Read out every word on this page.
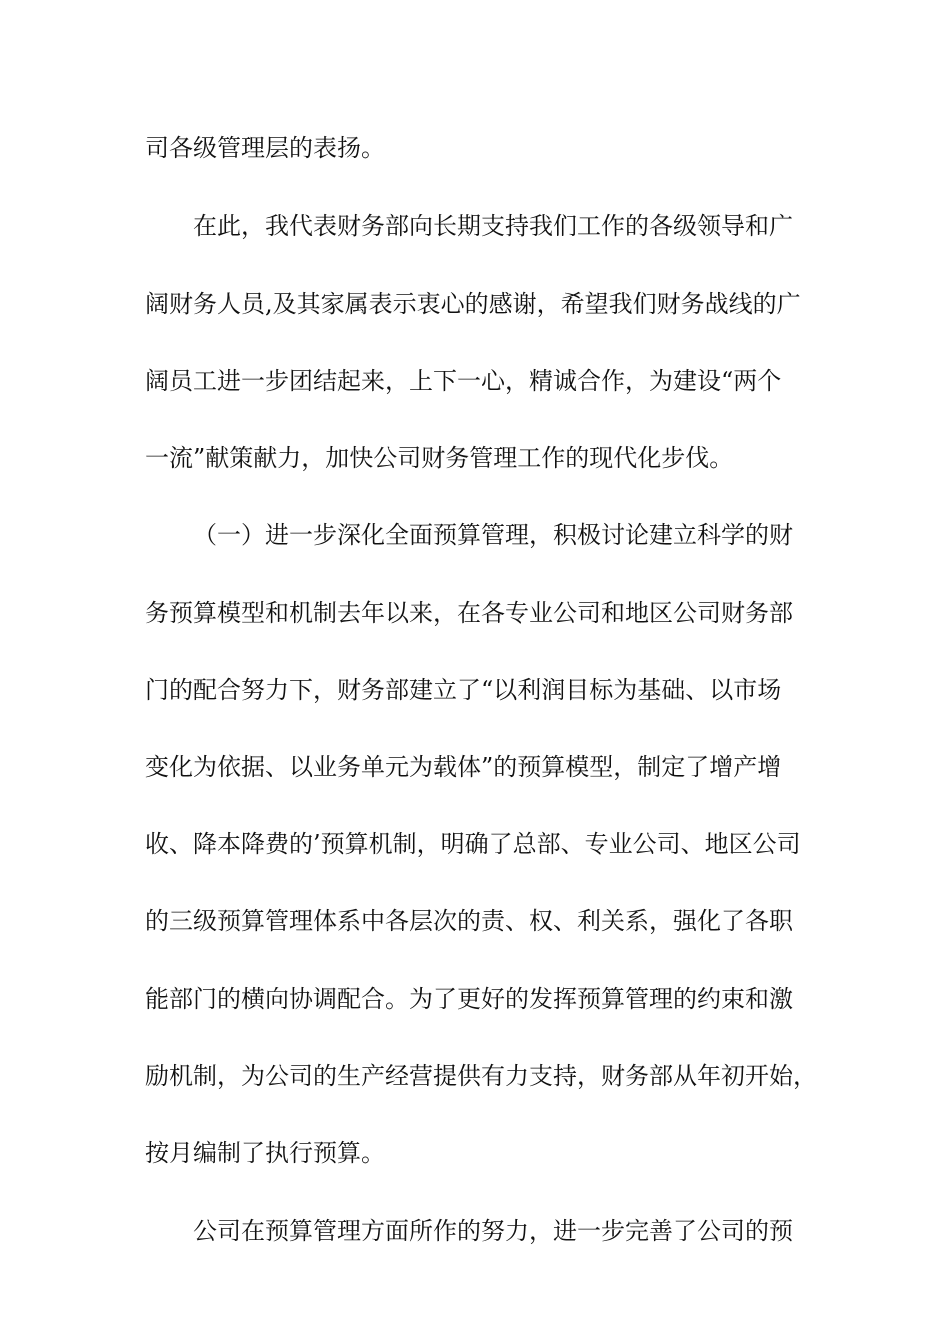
司各级管理层的表扬。
在此，我代表财务部向长期支持我们工作的各级领导和广
阔财务人员,及其家属表示衷心的感谢，希望我们财务战线的广
阔员工进一步团结起来，上下一心，精诚合作，为建设“两个
一流”献策献力，加快公司财务管理工作的现代化步伐。
（一）进一步深化全面预算管理，积极讨论建立科学的财
务预算模型和机制去年以来，在各专业公司和地区公司财务部
门的配合努力下，财务部建立了“以利润目标为基础、以市场
变化为依据、以业务单元为载体”的预算模型，制定了增产增
收、降本降费的’预算机制，明确了总部、专业公司、地区公司
的三级预算管理体系中各层次的责、权、利关系，强化了各职
能部门的横向协调配合。为了更好的发挥预算管理的约束和激
励机制，为公司的生产经营提供有力支持，财务部从年初开始，
按月编制了执行预算。
公司在预算管理方面所作的努力，进一步完善了公司的预
